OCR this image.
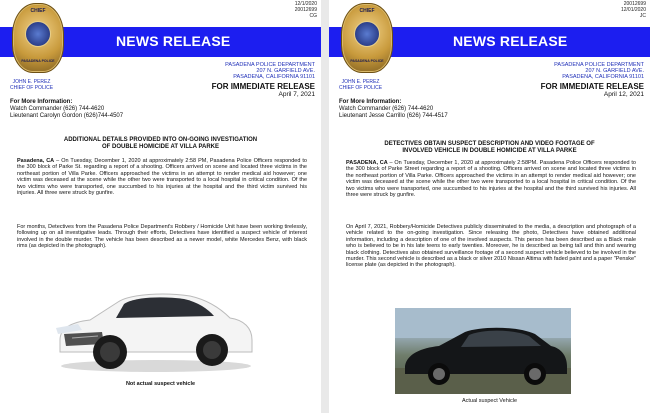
12/1/2020
20012699
CG
NEWS RELEASE
CHIEF
PASADENA POLICE
JOHN E. PEREZ
CHIEF OF POLICE
PASADENA POLICE DEPARTMENT
207 N. GARFIELD AVE.
PASADENA, CALIFORNIA 91101
FOR IMMEDIATE RELEASE
April 7, 2021
For More Information:
Watch Commander (626) 744-4620
Lieutenant Carolyn Gordon (626)744-4507
ADDITIONAL DETAILS PROVIDED INTO ON-GOING INVESTIGATION
OF DOUBLE HOMICIDE AT VILLA PARKE
Pasadena, CA – On Tuesday, December 1, 2020 at approximately 2:58 PM, Pasadena Police Officers responded to the 300 block of Parke St. regarding a report of a shooting. Officers arrived on scene and located three victims in the northeast portion of Villa Parke. Officers approached the victims in an attempt to render medical aid however; one victim was deceased at the scene while the other two were transported to a local hospital in critical condition. Of the two victims who were transported, one succumbed to his injuries at the hospital and the third victim survived his injuries. All three were struck by gunfire.
For months, Detectives from the Pasadena Police Department's Robbery / Homicide Unit have been working tirelessly, following up on all investigative leads. Through their efforts, Detectives have identified a suspect vehicle of interest involved in the double murder. The vehicle has been described as a newer model, white Mercedes Benz, with black rims (as depicted in the photograph).
Not actual suspect vehicle
20012699
12/01/2020
JC
NEWS RELEASE
CHIEF
PASADENA POLICE
JOHN E. PEREZ
CHIEF OF POLICE
PASADENA POLICE DEPARTMENT
207 N. GARFIELD AVE.
PASADENA, CALIFORNIA 91101
FOR IMMEDIATE RELEASE
April 12, 2021
For More Information:
Watch Commander (626) 744-4620
Lieutenant Jesse Carrillo (626) 744-4517
DETECTIVES OBTAIN SUSPECT DESCRIPTION AND VIDEO FOOTAGE OF
INVOLVED VEHICLE IN DOUBLE HOMICIDE AT VILLA PARKE
PASADENA, CA – On Tuesday, December 1, 2020 at approximately 2:58PM. Pasadena Police Officers responded to the 300 block of Parke Street regarding a report of a shooting. Officers arrived on scene and located three victims in the northeast portion of Villa Parke. Officers approached the victims in an attempt to render medical aid however; one victim was deceased at the scene while the other two were transported to a local hospital in critical condition. Of the two victims who were transported, one succumbed to his injuries at the hospital and the third survived his injuries. All three were struck by gunfire.
On April 7, 2021, Robbery/Homicide Detectives publicly disseminated to the media, a description and photograph of a vehicle related to the on-going investigation. Since releasing the photo, Detectives have obtained additional information, including a description of one of the involved suspects. This person has been described as a Black male who is believed to be in his late teens to early twenties. Moreover, he is described as being tall and thin and wearing black clothing. Detectives also obtained surveillance footage of a second suspect vehicle believed to be involved in the murder. This second vehicle is described as a black or silver 2010 Nissan Altima with faded paint and a paper "Penske" license plate (as depicted in the photograph).
Actual suspect Vehicle
